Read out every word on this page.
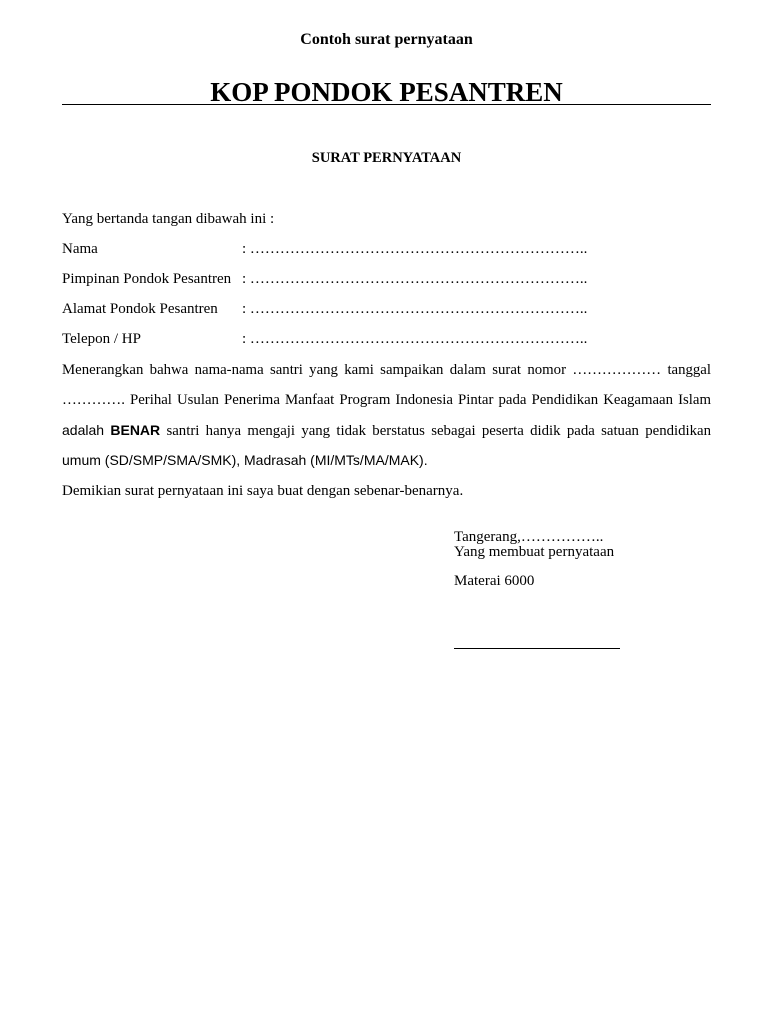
Contoh surat pernyataan
KOP PONDOK PESANTREN
SURAT PERNYATAAN
Yang bertanda tangan dibawah ini :
Nama	: …………………………………………………………..
Pimpinan Pondok Pesantren : …………………………………………………………..
Alamat Pondok Pesantren : …………………………………………………………..
Telepon / HP	: …………………………………………………………..
Menerangkan bahwa nama-nama santri yang kami sampaikan dalam surat nomor ……………… tanggal
…………. Perihal Usulan Penerima Manfaat Program Indonesia Pintar pada Pendidikan Keagamaan Islam
adalah BENAR santri hanya mengaji yang tidak berstatus sebagai peserta didik pada satuan pendidikan
umum (SD/SMP/SMA/SMK), Madrasah (MI/MTs/MA/MAK).
Demikian surat pernyataan ini saya buat dengan sebenar-benarnya.
Tangerang,……………..
Yang membuat pernyataan
Materai 6000
